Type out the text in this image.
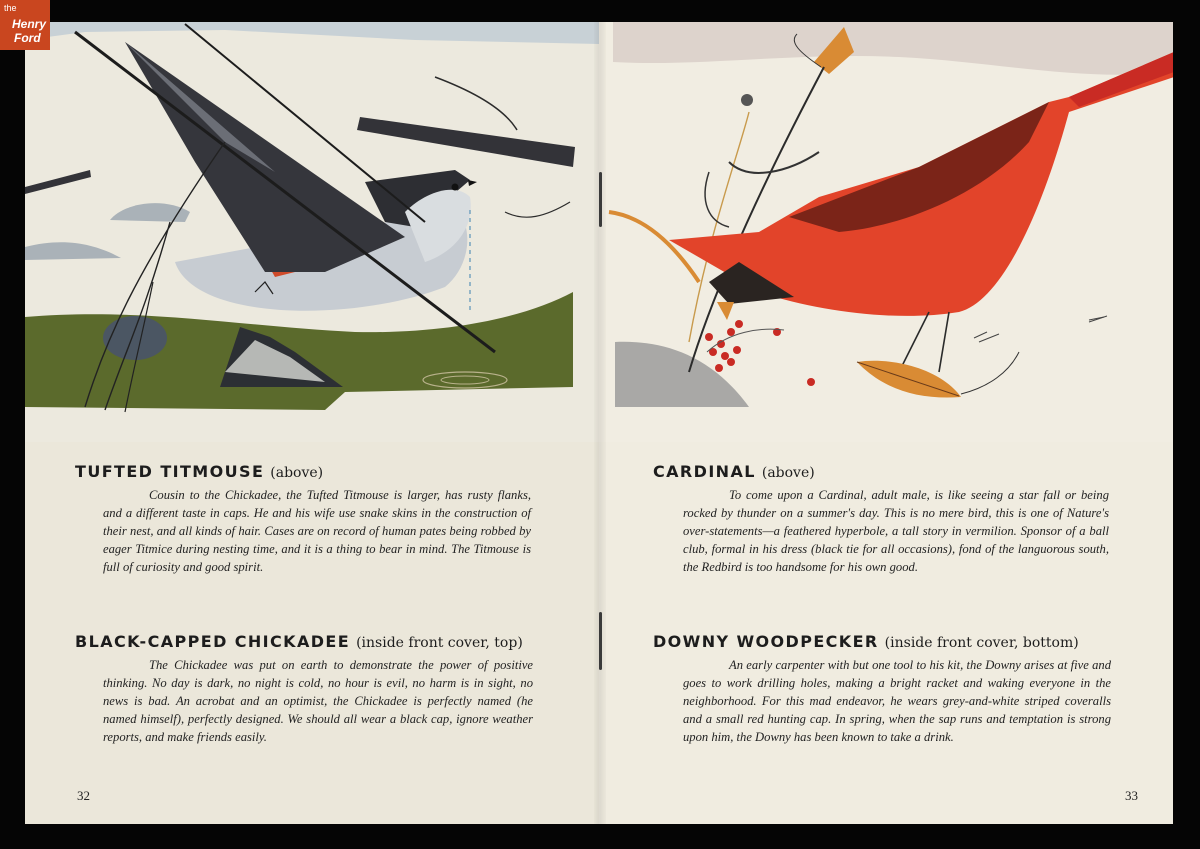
the
Henry
Ford
TUFTED TITMOUSE (above)

Cousin to the Chickadee, the Tufted Titmouse is larger, has rusty flanks, and a different taste in caps. He and his wife use snake skins in the construction of their nest, and all kinds of hair. Cases are on record of human pates being robbed by eager Titmice during nesting time, and it is a thing to bear in mind. The Titmouse is full of curiosity and good spirit.

BLACK-CAPPED CHICKADEE (inside front cover, top)

The Chickadee was put on earth to demonstrate the power of positive thinking. No day is dark, no night is cold, no hour is evil, no harm is in sight, no news is bad. An acrobat and an optimist, the Chickadee is perfectly named (he named himself), perfectly designed. We should all wear a black cap, ignore weather reports, and make friends easily.

32
CARDINAL (above)

To come upon a Cardinal, adult male, is like seeing a star fall or being rocked by thunder on a summer's day. This is no mere bird, this is one of Nature's over-statements—a feathered hyperbole, a tall story in vermilion. Sponsor of a ball club, formal in his dress (black tie for all occasions), fond of the languorous south, the Redbird is too handsome for his own good.

DOWNY WOODPECKER (inside front cover, bottom)

An early carpenter with but one tool to his kit, the Downy arises at five and goes to work drilling holes, making a bright racket and waking everyone in the neighborhood. For this mad endeavor, he wears grey-and-white striped coveralls and a small red hunting cap. In spring, when the sap runs and temptation is strong upon him, the Downy has been known to take a drink.

33
